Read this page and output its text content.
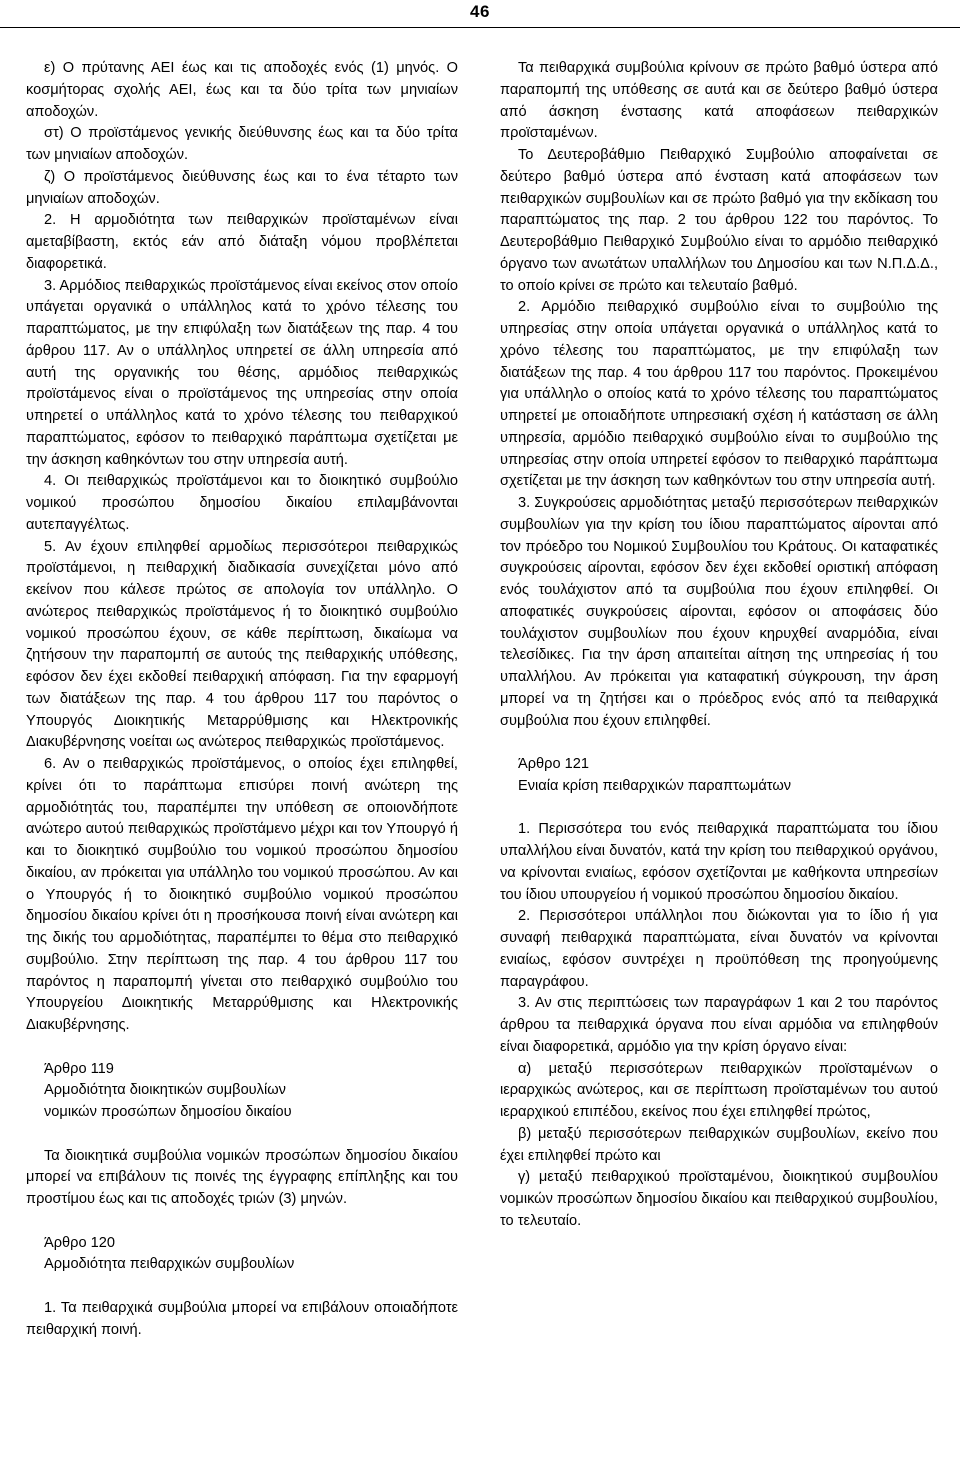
46

ε) Ο πρύτανης ΑΕΙ έως και τις αποδοχές ενός (1) μηνός. Ο κοσμήτορας σχολής ΑΕΙ, έως και τα δύο τρίτα των μηνιαίων αποδοχών.

στ) Ο προϊστάμενος γενικής διεύθυνσης έως και τα δύο τρίτα των μηνιαίων αποδοχών.

ζ) Ο προϊστάμενος διεύθυνσης έως και το ένα τέταρτο των μηνιαίων αποδοχών.

2. Η αρμοδιότητα των πειθαρχικών προϊσταμένων είναι αμεταβίβαστη, εκτός εάν από διάταξη νόμου προβλέπεται διαφορετικά.

3. Αρμόδιος πειθαρχικώς προϊστάμενος είναι εκείνος στον οποίο υπάγεται οργανικά ο υπάλληλος κατά το χρόνο τέλεσης του παραπτώματος, με την επιφύλαξη των διατάξεων της παρ. 4 του άρθρου 117. Αν ο υπάλληλος υπηρετεί σε άλλη υπηρεσία από αυτή της οργανικής του θέσης, αρμόδιος πειθαρχικώς προϊστάμενος είναι ο προϊστάμενος της υπηρεσίας στην οποία υπηρετεί ο υπάλληλος κατά το χρόνο τέλεσης του πειθαρχικού παραπτώματος, εφόσον το πειθαρχικό παράπτωμα σχετίζεται με την άσκηση καθηκόντων του στην υπηρεσία αυτή.

4. Οι πειθαρχικώς προϊστάμενοι και το διοικητικό συμβούλιο νομικού προσώπου δημοσίου δικαίου επιλαμβάνονται αυτεπαγγέλτως.

5. Αν έχουν επιληφθεί αρμοδίως περισσότεροι πειθαρχικώς προϊστάμενοι, η πειθαρχική διαδικασία συνεχίζεται μόνο από εκείνον που κάλεσε πρώτος σε απολογία τον υπάλληλο. Ο ανώτερος πειθαρχικώς προϊστάμενος ή το διοικητικό συμβούλιο νομικού προσώπου έχουν, σε κάθε περίπτωση, δικαίωμα να ζητήσουν την παραπομπή σε αυτούς της πειθαρχικής υπόθεσης, εφόσον δεν έχει εκδοθεί πειθαρχική απόφαση. Για την εφαρμογή των διατάξεων της παρ. 4 του άρθρου 117 του παρόντος ο Υπουργός Διοικητικής Μεταρρύθμισης και Ηλεκτρονικής Διακυβέρνησης νοείται ως ανώτερος πειθαρχικώς προϊστάμενος.

6. Αν ο πειθαρχικώς προϊστάμενος, ο οποίος έχει επιληφθεί, κρίνει ότι το παράπτωμα επισύρει ποινή ανώτερη της αρμοδιότητάς του, παραπέμπει την υπόθεση σε οποιονδήποτε ανώτερο αυτού πειθαρχικώς προϊστάμενο μέχρι και τον Υπουργό ή και το διοικητικό συμβούλιο του νομικού προσώπου δημοσίου δικαίου, αν πρόκειται για υπάλληλο του νομικού προσώπου. Αν και ο Υπουργός ή το διοικητικό συμβούλιο νομικού προσώπου δημοσίου δικαίου κρίνει ότι η προσήκουσα ποινή είναι ανώτερη και της δικής του αρμοδιότητας, παραπέμπει το θέμα στο πειθαρχικό συμβούλιο. Στην περίπτωση της παρ. 4 του άρθρου 117 του παρόντος η παραπομπή γίνεται στο πειθαρχικό συμβούλιο του Υπουργείου Διοικητικής Μεταρρύθμισης και Ηλεκτρονικής Διακυβέρνησης.

Άρθρο 119

Αρμοδιότητα διοικητικών συμβουλίων

νομικών προσώπων δημοσίου δικαίου

Τα διοικητικά συμβούλια νομικών προσώπων δημοσίου δικαίου μπορεί να επιβάλουν τις ποινές της έγγραφης επίπληξης και του προστίμου έως και τις αποδοχές τριών (3) μηνών.

Άρθρο 120

Αρμοδιότητα πειθαρχικών συμβουλίων

1. Τα πειθαρχικά συμβούλια μπορεί να επιβάλουν οποιαδήποτε πειθαρχική ποινή.

Τα πειθαρχικά συμβούλια κρίνουν σε πρώτο βαθμό ύστερα από παραπομπή της υπόθεσης σε αυτά και σε δεύτερο βαθμό ύστερα από άσκηση ένστασης κατά αποφάσεων πειθαρχικών προϊσταμένων.

Το Δευτεροβάθμιο Πειθαρχικό Συμβούλιο αποφαίνεται σε δεύτερο βαθμό ύστερα από ένσταση κατά αποφάσεων των πειθαρχικών συμβουλίων και σε πρώτο βαθμό για την εκδίκαση του παραπτώματος της παρ. 2 του άρθρου 122 του παρόντος. Το Δευτεροβάθμιο Πειθαρχικό Συμβούλιο είναι το αρμόδιο πειθαρχικό όργανο των ανωτάτων υπαλλήλων του Δημοσίου και των Ν.Π.Δ.Δ., το οποίο κρίνει σε πρώτο και τελευταίο βαθμό.

2. Αρμόδιο πειθαρχικό συμβούλιο είναι το συμβούλιο της υπηρεσίας στην οποία υπάγεται οργανικά ο υπάλληλος κατά το χρόνο τέλεσης του παραπτώματος, με την επιφύλαξη των διατάξεων της παρ. 4 του άρθρου 117 του παρόντος. Προκειμένου για υπάλληλο ο οποίος κατά το χρόνο τέλεσης του παραπτώματος υπηρετεί με οποιαδήποτε υπηρεσιακή σχέση ή κατάσταση σε άλλη υπηρεσία, αρμόδιο πειθαρχικό συμβούλιο είναι το συμβούλιο της υπηρεσίας στην οποία υπηρετεί εφόσον το πειθαρχικό παράπτωμα σχετίζεται με την άσκηση των καθηκόντων του στην υπηρεσία αυτή.

3. Συγκρούσεις αρμοδιότητας μεταξύ περισσότερων πειθαρχικών συμβουλίων για την κρίση του ίδιου παραπτώματος αίρονται από τον πρόεδρο του Νομικού Συμβουλίου του Κράτους. Οι καταφατικές συγκρούσεις αίρονται, εφόσον δεν έχει εκδοθεί οριστική απόφαση ενός τουλάχιστον από τα συμβούλια που έχουν επιληφθεί. Οι αποφατικές συγκρούσεις αίρονται, εφόσον οι αποφάσεις δύο τουλάχιστον συμβουλίων που έχουν κηρυχθεί αναρμόδια, είναι τελεσίδικες. Για την άρση απαιτείται αίτηση της υπηρεσίας ή του υπαλλήλου. Αν πρόκειται για καταφατική σύγκρουση, την άρση μπορεί να τη ζητήσει και ο πρόεδρος ενός από τα πειθαρχικά συμβούλια που έχουν επιληφθεί.

Άρθρο 121

Ενιαία κρίση πειθαρχικών παραπτωμάτων

1. Περισσότερα του ενός πειθαρχικά παραπτώματα του ίδιου υπαλλήλου είναι δυνατόν, κατά την κρίση του πειθαρχικού οργάνου, να κρίνονται ενιαίως, εφόσον σχετίζονται με καθήκοντα υπηρεσίων του ίδιου υπουργείου ή νομικού προσώπου δημοσίου δικαίου.

2. Περισσότεροι υπάλληλοι που διώκονται για το ίδιο ή για συναφή πειθαρχικά παραπτώματα, είναι δυνατόν να κρίνονται ενιαίως, εφόσον συντρέχει η προϋπόθεση της προηγούμενης παραγράφου.

3. Αν στις περιπτώσεις των παραγράφων 1 και 2 του παρόντος άρθρου τα πειθαρχικά όργανα που είναι αρμόδια να επιληφθούν είναι διαφορετικά, αρμόδιο για την κρίση όργανο είναι:

α) μεταξύ περισσότερων πειθαρχικών προϊσταμένων ο ιεραρχικώς ανώτερος, και σε περίπτωση προϊσταμένων του αυτού ιεραρχικού επιπέδου, εκείνος που έχει επιληφθεί πρώτος,

β) μεταξύ περισσότερων πειθαρχικών συμβουλίων, εκείνο που έχει επιληφθεί πρώτο και

γ) μεταξύ πειθαρχικού προϊσταμένου, διοικητικού συμβουλίου νομικών προσώπων δημοσίου δικαίου και πειθαρχικού συμβουλίου, το τελευταίο.
